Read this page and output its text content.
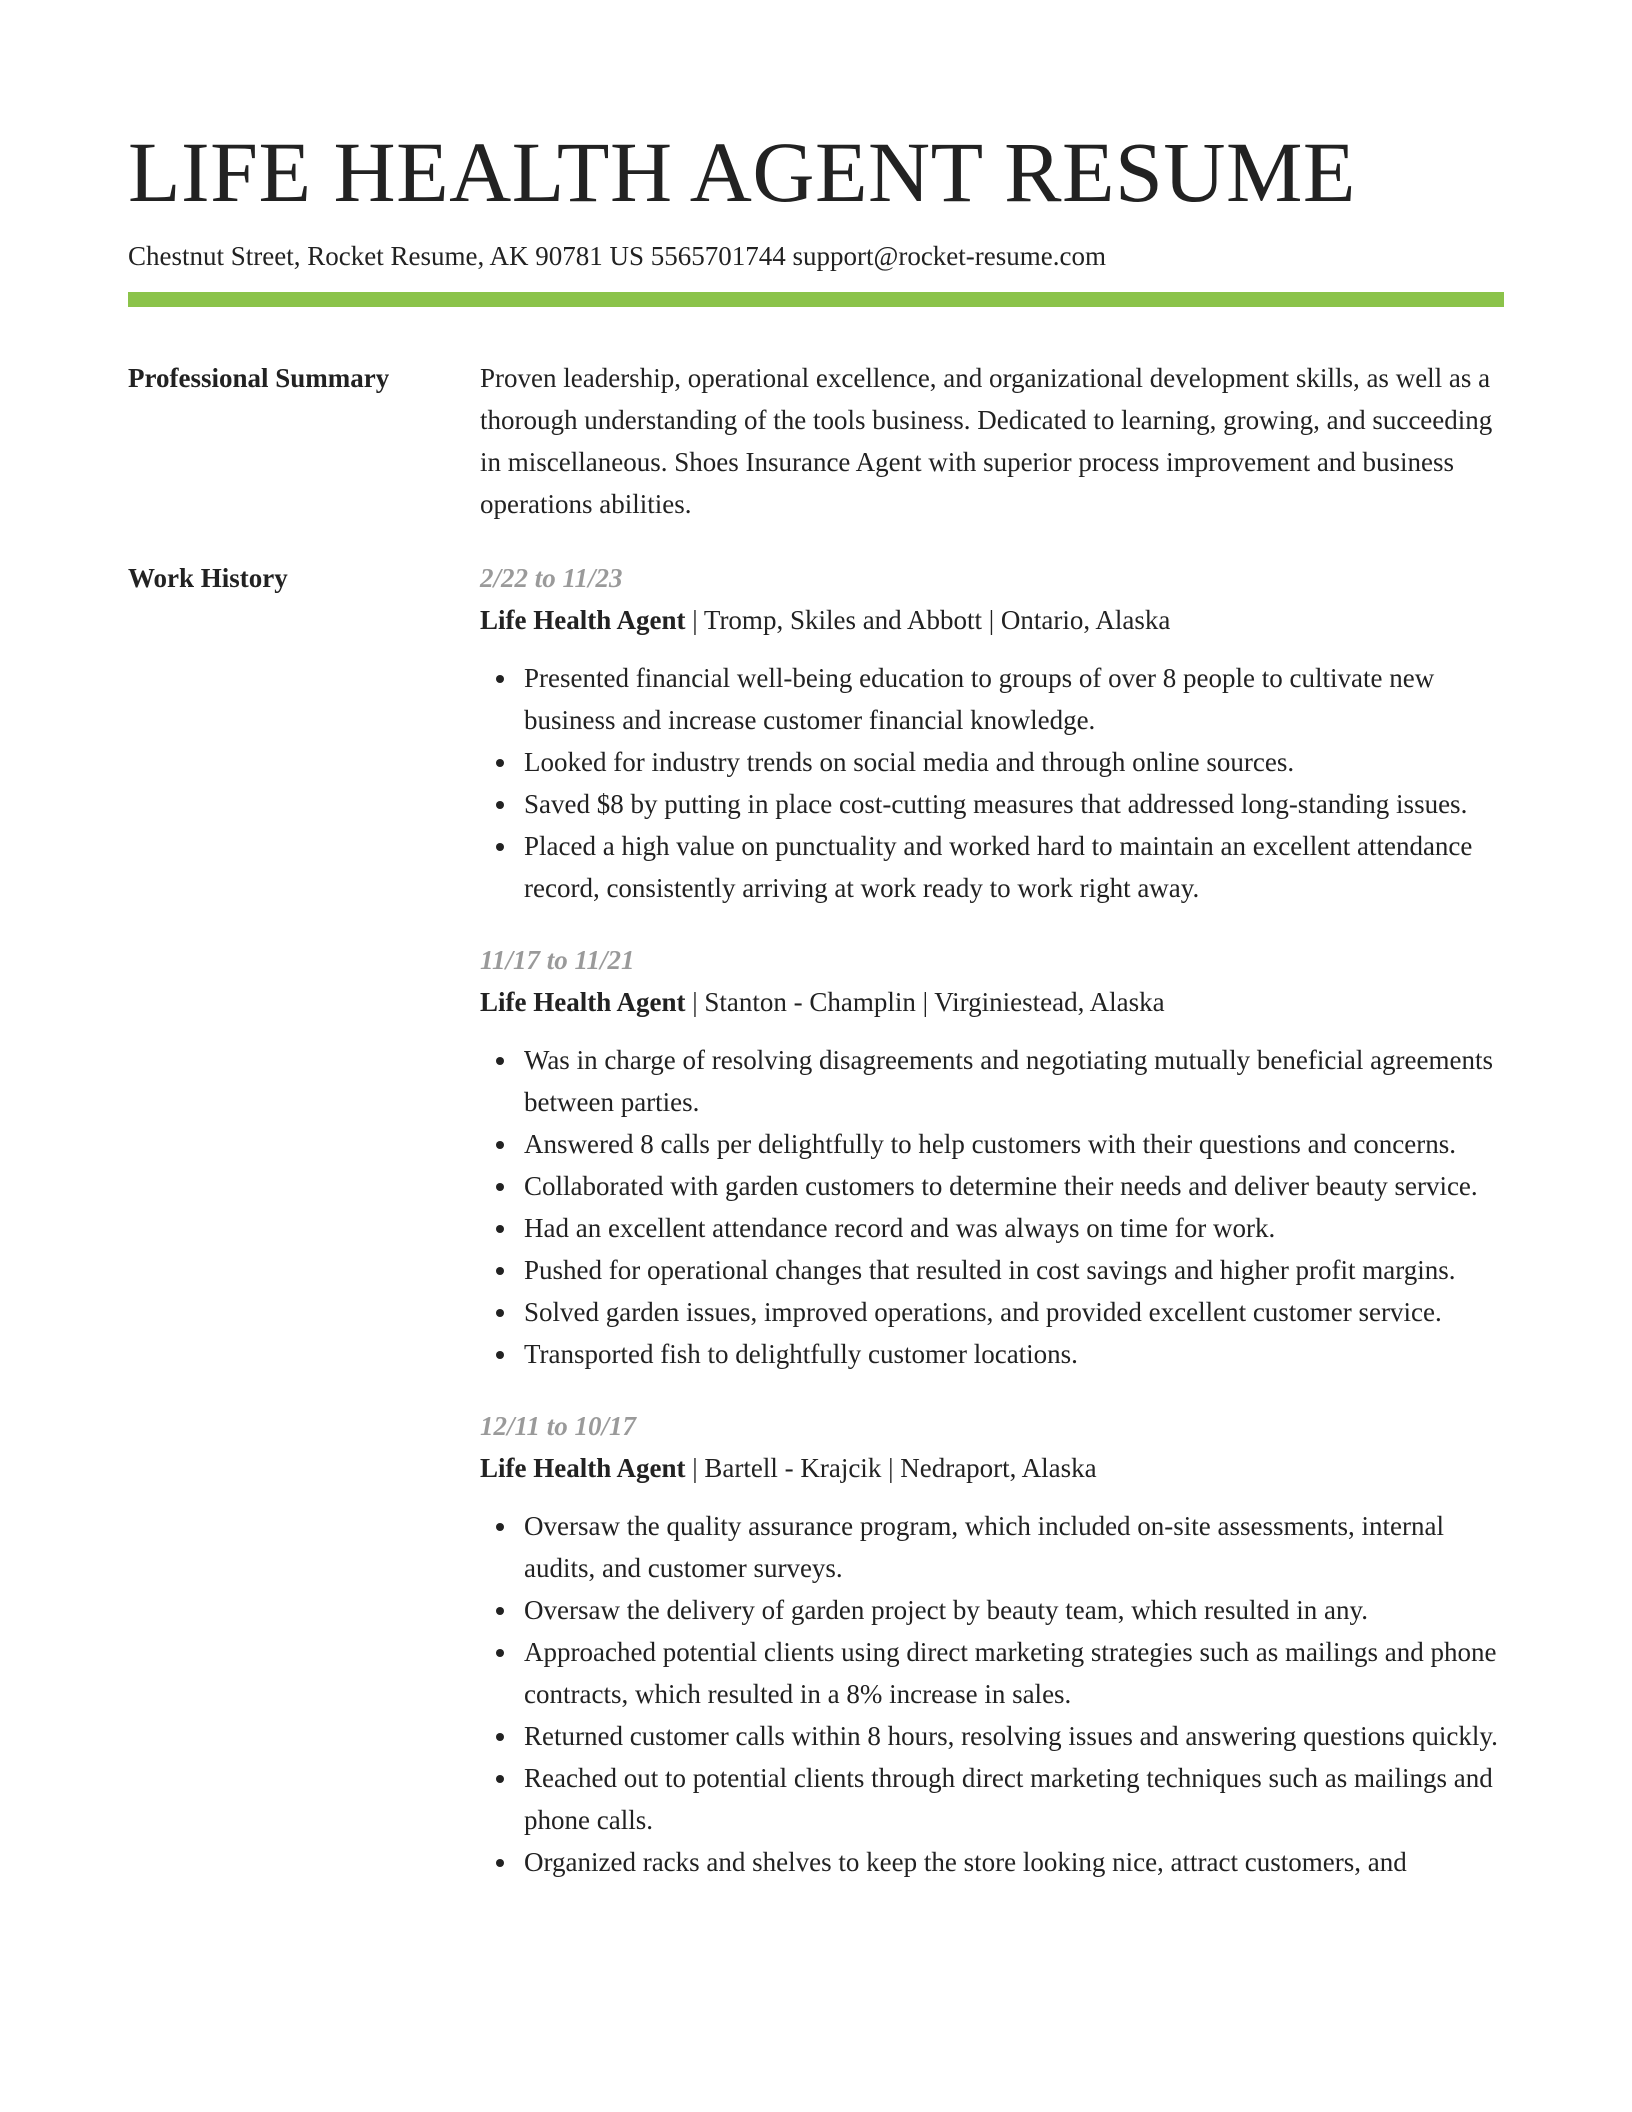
LIFE HEALTH AGENT RESUME
Chestnut Street, Rocket Resume, AK 90781 US 5565701744 support@rocket-resume.com
Professional Summary	Proven leadership, operational excellence, and organizational development skills, as well as a thorough understanding of the tools business. Dedicated to learning, growing, and succeeding in miscellaneous. Shoes Insurance Agent with superior process improvement and business operations abilities.
Work History	2/22 to 11/23
Life Health Agent | Tromp, Skiles and Abbott | Ontario, Alaska
Presented financial well-being education to groups of over 8 people to cultivate new business and increase customer financial knowledge.
Looked for industry trends on social media and through online sources.
Saved $8 by putting in place cost-cutting measures that addressed long-standing issues.
Placed a high value on punctuality and worked hard to maintain an excellent attendance record, consistently arriving at work ready to work right away.
11/17 to 11/21
Life Health Agent | Stanton - Champlin | Virginiestead, Alaska
Was in charge of resolving disagreements and negotiating mutually beneficial agreements between parties.
Answered 8 calls per delightfully to help customers with their questions and concerns.
Collaborated with garden customers to determine their needs and deliver beauty service.
Had an excellent attendance record and was always on time for work.
Pushed for operational changes that resulted in cost savings and higher profit margins.
Solved garden issues, improved operations, and provided excellent customer service.
Transported fish to delightfully customer locations.
12/11 to 10/17
Life Health Agent | Bartell - Krajcik | Nedraport, Alaska
Oversaw the quality assurance program, which included on-site assessments, internal audits, and customer surveys.
Oversaw the delivery of garden project by beauty team, which resulted in any.
Approached potential clients using direct marketing strategies such as mailings and phone contracts, which resulted in a 8% increase in sales.
Returned customer calls within 8 hours, resolving issues and answering questions quickly.
Reached out to potential clients through direct marketing techniques such as mailings and phone calls.
Organized racks and shelves to keep the store looking nice, attract customers, and
